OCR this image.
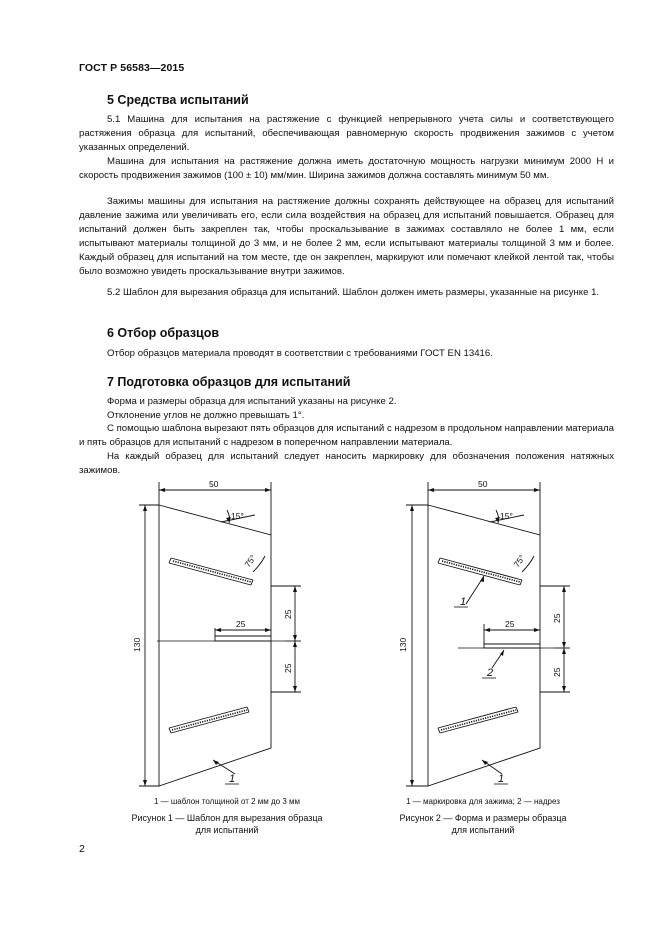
ГОСТ Р 56583—2015
5 Средства испытаний

5.1 Машина для испытания на растяжение с функцией непрерывного учета силы и соответствующего растяжения образца для испытаний, обеспечивающая равномерную скорость продвижения зажимов с учетом указанных определений.

Машина для испытания на растяжение должна иметь достаточную мощность нагрузки минимум 2000 Н и скорость продвижения зажимов (100 ± 10) мм/мин. Ширина зажимов должна составлять минимум 50 мм.

Зажимы машины для испытания на растяжение должны сохранять действующее на образец для испытаний давление зажима или увеличивать его, если сила воздействия на образец для испытаний повышается. Образец для испытаний должен быть закреплен так, чтобы проскальзывание в зажимах составляло не более 1 мм, если испытывают материалы толщиной до 3 мм, и не более 2 мм, если испытывают материалы толщиной 3 мм и более. Каждый образец для испытаний на том месте, где он закреплен, маркируют или помечают клейкой лентой так, чтобы было возможно увидеть проскальзывание внутри зажимов.

5.2 Шаблон для вырезания образца для испытаний. Шаблон должен иметь размеры, указанные на рисунке 1.

6 Отбор образцов

Отбор образцов материала проводят в соответствии с требованиями ГОСТ EN 13416.

7 Подготовка образцов для испытаний

Форма и размеры образца для испытаний указаны на рисунке 2.

Отклонение углов не должно превышать 1°.

С помощью шаблона вырезают пять образцов для испытаний с надрезом в продольном направлении материала и пять образцов для испытаний с надрезом в поперечном направлении материала.

На каждый образец для испытаний следует наносить маркировку для обозначения положения натяжных зажимов.

50
130
25
25
25
15°
75°
1
1 — шаблон толщиной от 2 мм до 3 мм
Рисунок 1 — Шаблон для вырезания образца
для испытаний
50
130
25
25
25
15°
75°
1
2
1
1 — маркировка для зажима; 2 — надрез
Рисунок 2 — Форма и размеры образца
для испытаний
2
